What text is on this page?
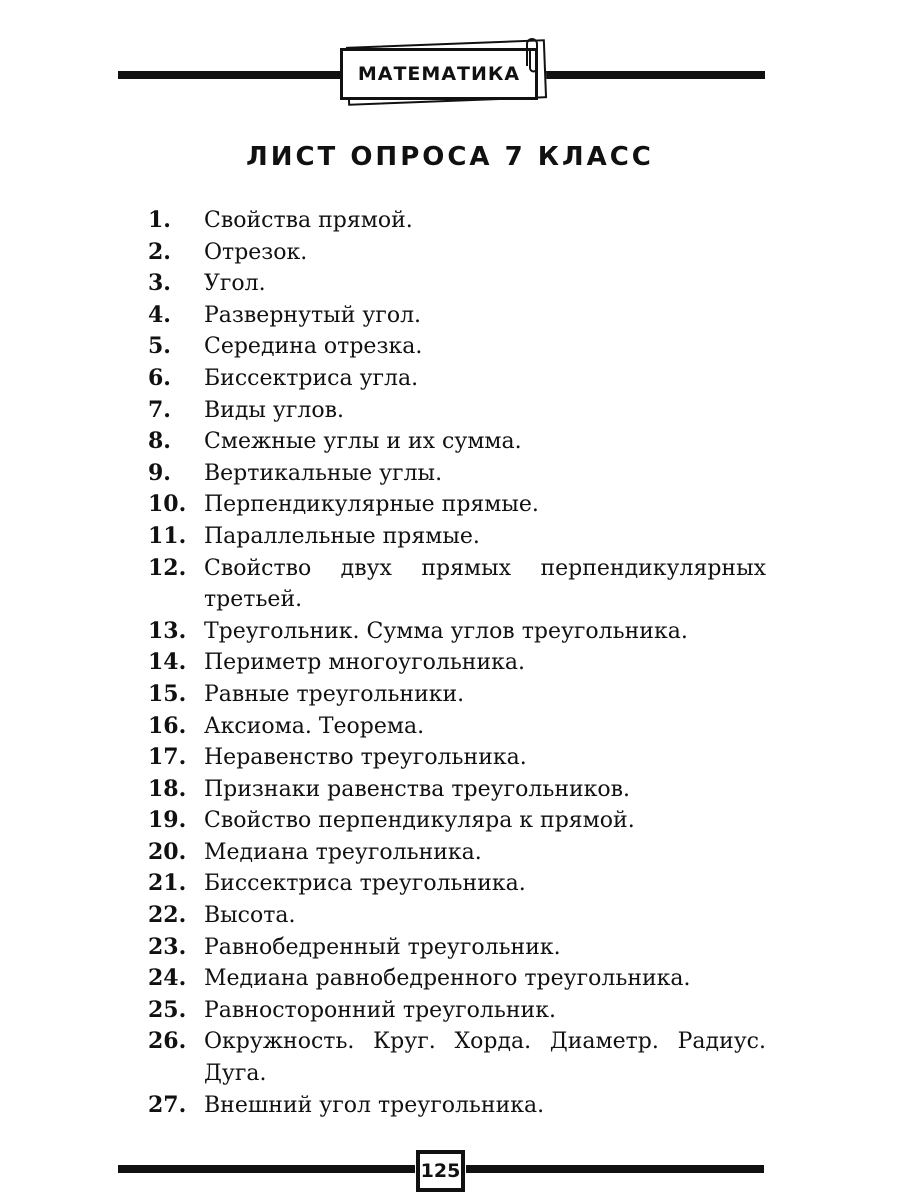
МАТЕМАТИКА
ЛИСТ ОПРОСА 7 КЛАСС
1.	Свойства прямой.
2.	Отрезок.
3.	Угол.
4.	Развернутый угол.
5.	Середина отрезка.
6.	Биссектриса угла.
7.	Виды углов.
8.	Смежные углы и их сумма.
9.	Вертикальные углы.
10. Перпендикулярные прямые.
11. Параллельные прямые.
12. Свойство двух прямых перпендикулярных третьей.
13. Треугольник. Сумма углов треугольника.
14. Периметр многоугольника.
15. Равные треугольники.
16. Аксиома. Теорема.
17. Неравенство треугольника.
18. Признаки равенства треугольников.
19. Свойство перпендикуляра к прямой.
20. Медиана треугольника.
21. Биссектриса треугольника.
22. Высота.
23. Равнобедренный треугольник.
24. Медиана равнобедренного треугольника.
25. Равносторонний треугольник.
26. Окружность. Круг. Хорда. Диаметр. Радиус. Дуга.
27. Внешний угол треугольника.
125
